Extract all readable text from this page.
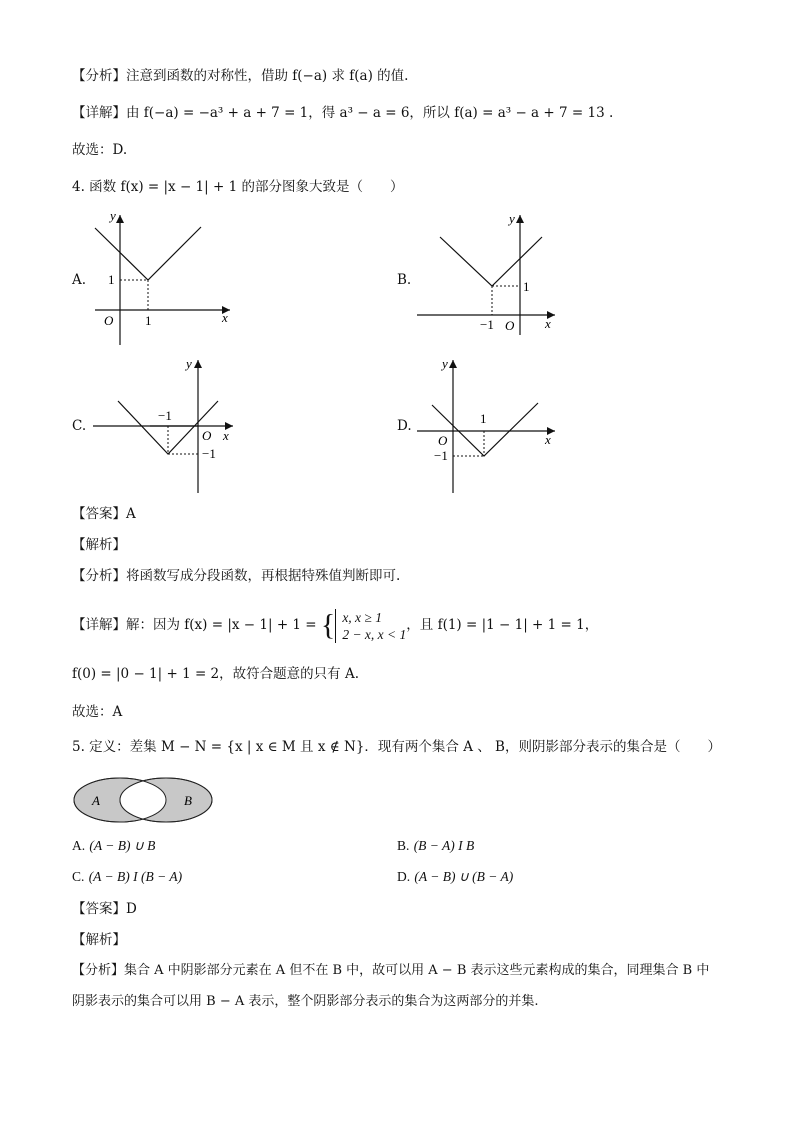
【分析】注意到函数的对称性，借助 f(−a) 求 f(a) 的值.
【详解】由 f(−a) = −a³ + a + 7 = 1，得 a³ − a = 6，所以 f(a) = a³ − a + 7 = 13 .
故选：D.
4. 函数 f(x) = |x − 1| + 1 的部分图象大致是（　　）
A.
y
x
O
1
1
B.
y
x
O
1
−1
C.
y
x
O
−1
−1
D.
y
x
O
−1
1
【答案】A
【解析】
【分析】将函数写成分段函数，再根据特殊值判断即可.
【详解】解：因为 f(x) = |x − 1| + 1 = { x, x ≥ 1
2 − x, x < 1
，且 f(1) = |1 − 1| + 1 = 1，
f(0) = |0 − 1| + 1 = 2，故符合题意的只有 A.
故选：A
5. 定义：差集 M − N = {x | x ∈ M 且 x ∉ N}．现有两个集合 A 、 B，则阴影部分表示的集合是（　　）
A	B
A. (A − B) ∪ B	B. (B − A) I B
C. (A − B) I (B − A)	D. (A − B) ∪ (B − A)
【答案】D
【解析】
【分析】集合 A 中阴影部分元素在 A 但不在 B 中，故可以用 A − B 表示这些元素构成的集合，同理集合 B 中
阴影表示的集合可以用 B − A 表示，整个阴影部分表示的集合为这两部分的并集.
